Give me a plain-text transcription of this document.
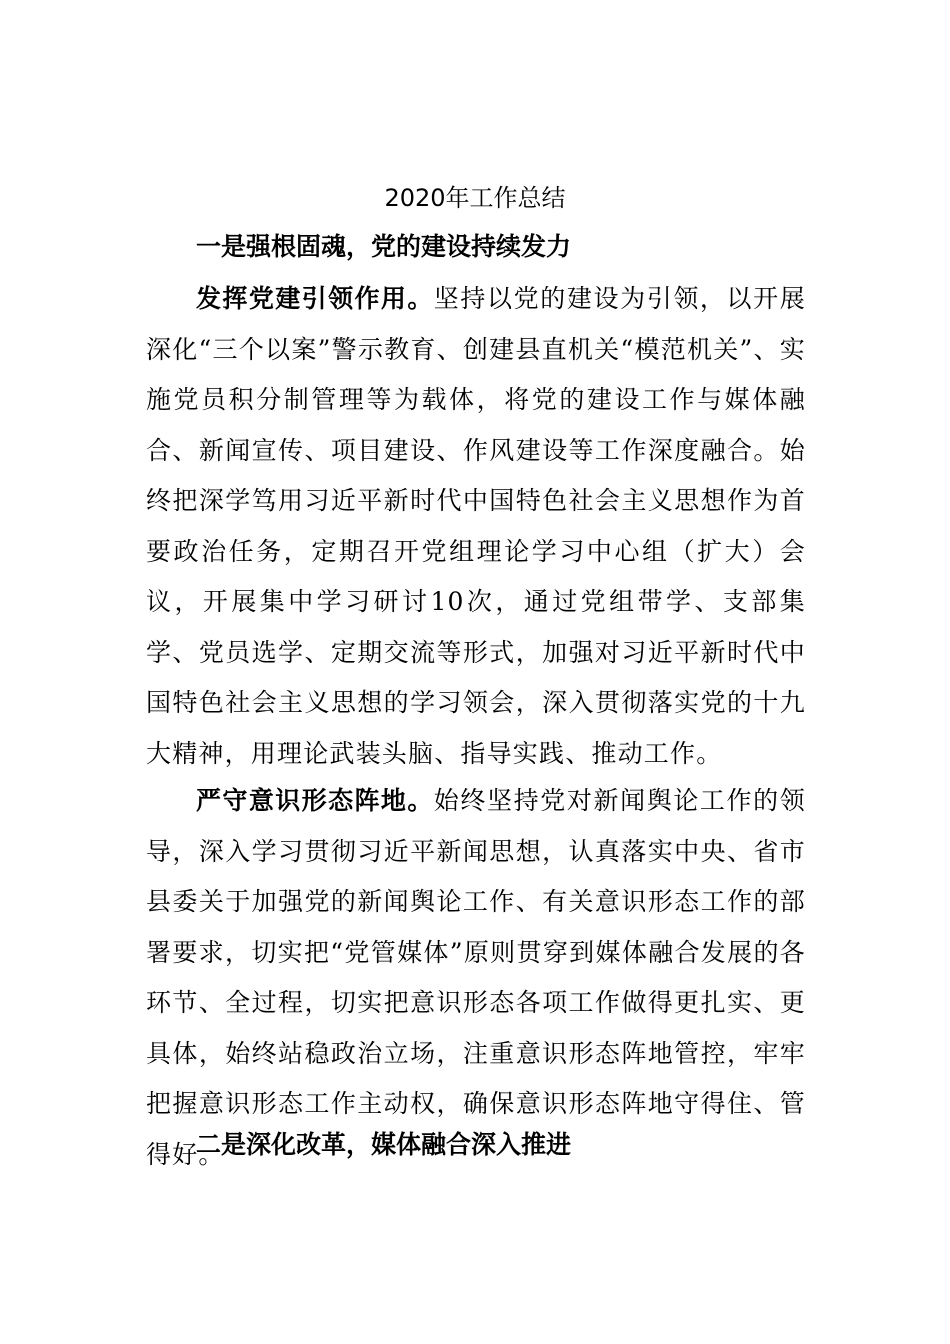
2020年工作总结
一是强根固魂，党的建设持续发力

发挥党建引领作用。坚持以党的建设为引领，以开展深化“三个以案”警示教育、创建县直机关“模范机关”、实施党员积分制管理等为载体，将党的建设工作与媒体融合、新闻宣传、项目建设、作风建设等工作深度融合。始终把深学笃用习近平新时代中国特色社会主义思想作为首要政治任务，定期召开党组理论学习中心组（扩大）会议，开展集中学习研讨10次，通过党组带学、支部集学、党员选学、定期交流等形式，加强对习近平新时代中国特色社会主义思想的学习领会，深入贯彻落实党的十九大精神，用理论武装头脑、指导实践、推动工作。

严守意识形态阵地。始终坚持党对新闻舆论工作的领导，深入学习贯彻习近平新闻思想，认真落实中央、省市县委关于加强党的新闻舆论工作、有关意识形态工作的部署要求，切实把“党管媒体”原则贯穿到媒体融合发展的各环节、全过程，切实把意识形态各项工作做得更扎实、更具体，始终站稳政治立场，注重意识形态阵地管控，牢牢把握意识形态工作主动权，确保意识形态阵地守得住、管得好。

二是深化改革，媒体融合深入推进
